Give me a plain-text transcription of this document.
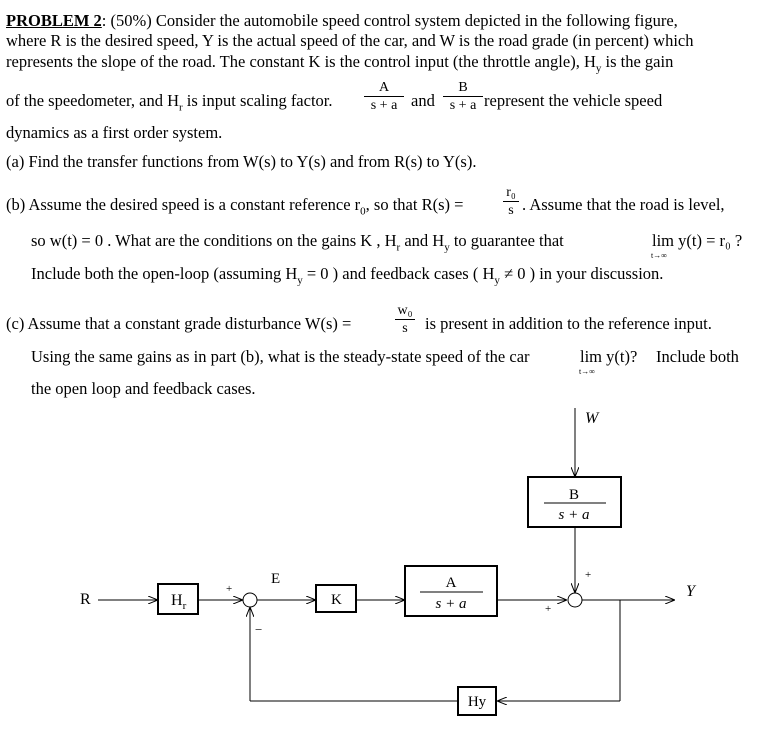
PROBLEM 2: (50%) Consider the automobile speed control system depicted in the following figure,
where R is the desired speed, Y is the actual speed of the car, and W is the road grade (in percent) which
represents the slope of the road. The constant K is the control input (the throttle angle), $H_y$ is the gain
of the speedometer, and $H_r$ is input scaling factor.
A
s + a and
B
s + a represent the vehicle speed
dynamics as a first order system.
(a) Find the transfer functions from W(s) to Y(s) and from R(s) to Y(s).
(b) Assume the desired speed is a constant reference $r_0$, so that R(s) =
r₀
s . Assume that the road is level,
so w(t) = 0 . What are the conditions on the gains K , $H_r$ and $H_y$ to guarantee that	lim y(t) = r₀ ?
t→∞
Include both the open-loop (assuming $H_y = 0$ ) and feedback cases ( $H_y \ne 0$ ) in your discussion.
(c) Assume that a constant grade disturbance W(s) =
w₀
s	is present in addition to the reference input.
Using the same gains as in part (b), what is the steady-state speed of the car	lim y(t)?
t→∞
Include both
the open loop and feedback cases.
R	$H_r$
+
E
K
A
s + a	+
W
B
s + a
+
Y
Hy
−
